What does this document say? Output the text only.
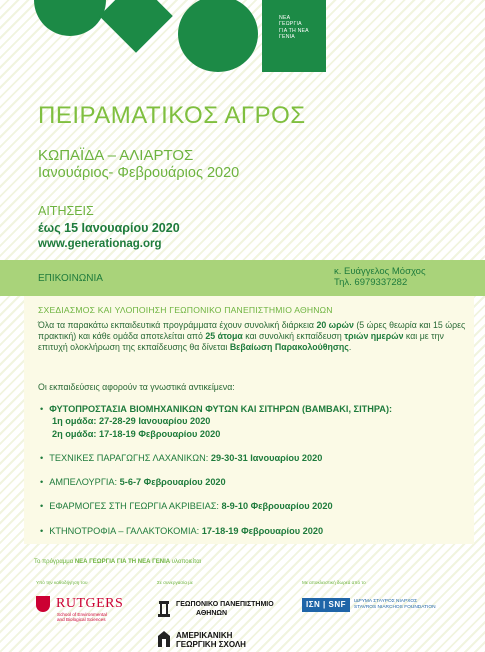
ΝΕΑ
ΓΕΩΡΓΙΑ
ΓΙΑ ΤΗ ΝΕΑ
ΓΕΝΙΑ
ΠΕΙΡΑΜΑΤΙΚΟΣ ΑΓΡΟΣ
ΚΩΠΑΪΔΑ – ΑΛΙΑΡΤΟΣ
Ιανουάριος- Φεβρουάριος 2020
ΑΙΤΗΣΕΙΣ
έως 15 Ιανουαρίου 2020
www.generationag.org
ΕΠΙΚΟΙΝΩΝΙΑ
κ. Ευάγγελος Μόσχος
Τηλ. 6979337282
ΣΧΕΔΙΑΣΜΟΣ ΚΑΙ ΥΛΟΠΟΙΗΣΗ ΓΕΩΠΟΝΙΚΟ ΠΑΝΕΠΙΣΤΗΜΙΟ ΑΘΗΝΩΝ
Όλα τα παρακάτω εκπαιδευτικά προγράμματα έχουν συνολική διάρκεια 20 ωρών (5 ώρες θεωρία και 15 ώρες πρακτική) και κάθε ομάδα αποτελείται από 25 άτομα και συνολική εκπαίδευση τριών ημερών και με την επιτυχή ολοκλήρωση της εκπαίδευσης θα δίνεται Βεβαίωση Παρακολούθησης.
Οι εκπαιδεύσεις αφορούν τα γνωστικά αντικείμενα:
• ΦΥΤΟΠΡΟΣΤΑΣΙΑ ΒΙΟΜΗΧΑΝΙΚΩΝ ΦΥΤΩΝ ΚΑΙ ΣΙΤΗΡΩΝ (ΒΑΜΒΑΚΙ, ΣΙΤΗΡΑ):
1η ομάδα: 27-28-29 Ιανουαρίου 2020
2η ομάδα: 17-18-19 Φεβρουαρίου 2020
• ΤΕΧΝΙΚΕΣ ΠΑΡΑΓΩΓΗΣ ΛΑΧΑΝΙΚΩΝ: 29-30-31 Ιανουαρίου 2020
• ΑΜΠΕΛΟΥΡΓΙΑ: 5-6-7 Φεβρουαρίου 2020
• ΕΦΑΡΜΟΓΕΣ ΣΤΗ ΓΕΩΡΓΙΑ ΑΚΡΙΒΕΙΑΣ: 8-9-10 Φεβρουαρίου 2020
• ΚΤΗΝΟΤΡΟΦΙΑ – ΓΑΛΑΚΤΟΚΟΜΙΑ: 17-18-19 Φεβρουαρίου 2020
Το πρόγραμμα ΝΕΑ ΓΕΩΡΓΙΑ ΓΙΑ ΤΗ ΝΕΑ ΓΕΝΙΑ υλοποιείται
Υπό την καθοδήγηση του	Σε συνεργασία με	Με αποκλειστική δωρεά από το
RUTGERS
School of Environmental
and Biological Sciences
ΓΕΩΠΟΝΙΚΟ ΠΑΝΕΠΙΣΤΗΜΙΟ
ΑΘΗΝΩΝ
ΑΜΕΡΙΚΑΝΙΚΗ
ΓΕΩΡΓΙΚΗ ΣΧΟΛΗ
ΙΣΝ | SNF	ΙΔΡΥΜΑ ΣΤΑΥΡΟΣ ΝΙΑΡΧΟΣ
STAVROS NIARCHOS FOUNDATION
